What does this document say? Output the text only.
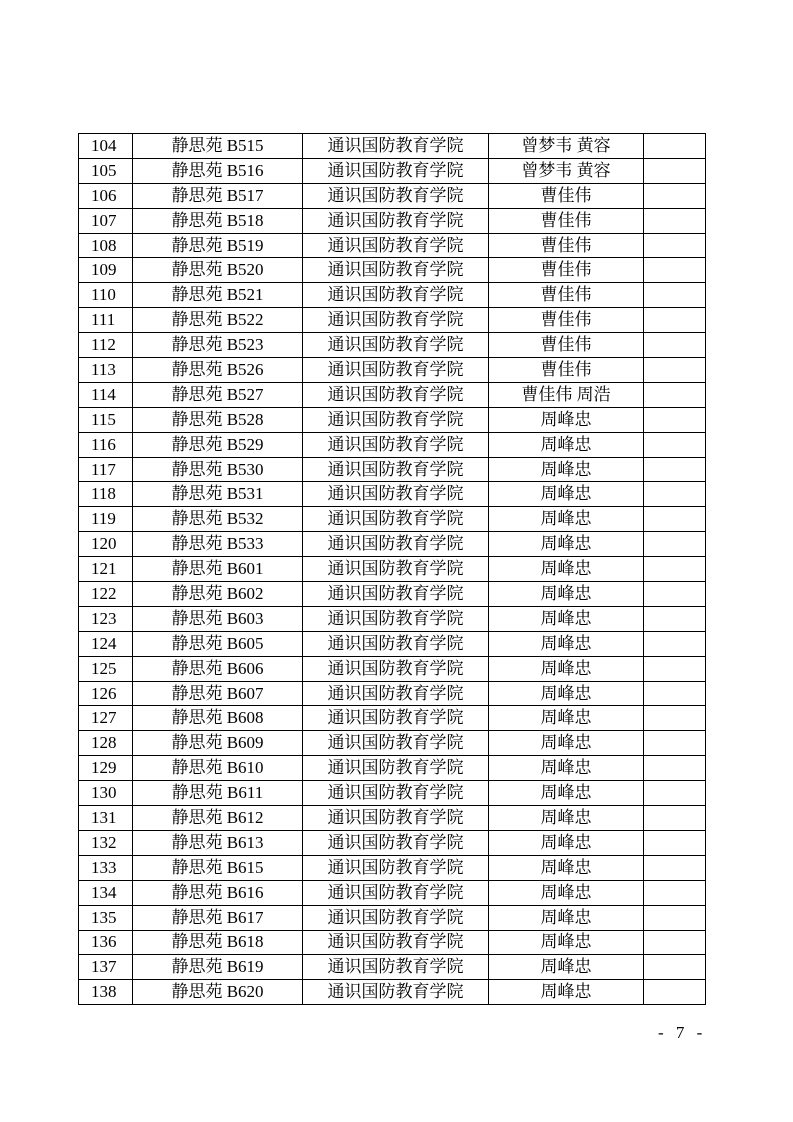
104	静思苑 B515	通识国防教育学院	曾梦韦 黄容	
105	静思苑 B516	通识国防教育学院	曾梦韦 黄容	
106	静思苑 B517	通识国防教育学院	曹佳伟	
107	静思苑 B518	通识国防教育学院	曹佳伟	
108	静思苑 B519	通识国防教育学院	曹佳伟	
109	静思苑 B520	通识国防教育学院	曹佳伟	
110	静思苑 B521	通识国防教育学院	曹佳伟	
111	静思苑 B522	通识国防教育学院	曹佳伟	
112	静思苑 B523	通识国防教育学院	曹佳伟	
113	静思苑 B526	通识国防教育学院	曹佳伟	
114	静思苑 B527	通识国防教育学院	曹佳伟 周浩	
115	静思苑 B528	通识国防教育学院	周峰忠	
116	静思苑 B529	通识国防教育学院	周峰忠	
117	静思苑 B530	通识国防教育学院	周峰忠	
118	静思苑 B531	通识国防教育学院	周峰忠	
119	静思苑 B532	通识国防教育学院	周峰忠	
120	静思苑 B533	通识国防教育学院	周峰忠	
121	静思苑 B601	通识国防教育学院	周峰忠	
122	静思苑 B602	通识国防教育学院	周峰忠	
123	静思苑 B603	通识国防教育学院	周峰忠	
124	静思苑 B605	通识国防教育学院	周峰忠	
125	静思苑 B606	通识国防教育学院	周峰忠	
126	静思苑 B607	通识国防教育学院	周峰忠	
127	静思苑 B608	通识国防教育学院	周峰忠	
128	静思苑 B609	通识国防教育学院	周峰忠	
129	静思苑 B610	通识国防教育学院	周峰忠	
130	静思苑 B611	通识国防教育学院	周峰忠	
131	静思苑 B612	通识国防教育学院	周峰忠	
132	静思苑 B613	通识国防教育学院	周峰忠	
133	静思苑 B615	通识国防教育学院	周峰忠	
134	静思苑 B616	通识国防教育学院	周峰忠	
135	静思苑 B617	通识国防教育学院	周峰忠	
136	静思苑 B618	通识国防教育学院	周峰忠	
137	静思苑 B619	通识国防教育学院	周峰忠	
138	静思苑 B620	通识国防教育学院	周峰忠	
- 7 -
